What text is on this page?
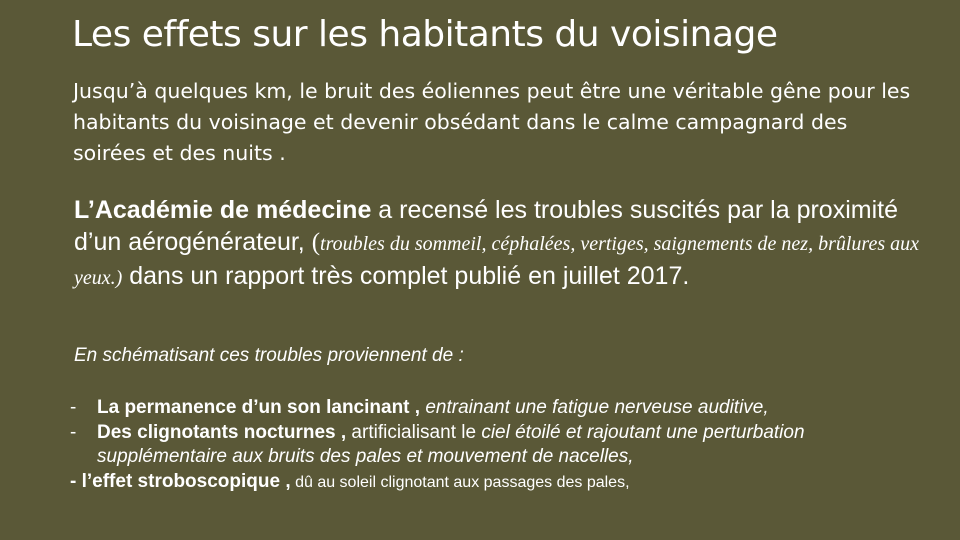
Les effets sur les habitants du voisinage

Jusqu’à quelques km, le bruit des éoliennes peut être une véritable gêne pour les habitants du voisinage et devenir obsédant dans le calme campagnard des soirées et des nuits .

L’Académie de médecine a recensé les troubles suscités par la proximité d’un aérogénérateur, (troubles du sommeil, céphalées, vertiges, saignements de nez, brûlures aux yeux.) dans un rapport très complet publié en juillet 2017.

En schématisant ces troubles proviennent de :

- La permanence d’un son lancinant , entrainant une fatigue nerveuse auditive,
- Des clignotants nocturnes , artificialisant le ciel étoilé et rajoutant une perturbation supplémentaire aux bruits des pales et mouvement de nacelles,
- l’effet stroboscopique , dû au soleil clignotant aux passages des pales,
